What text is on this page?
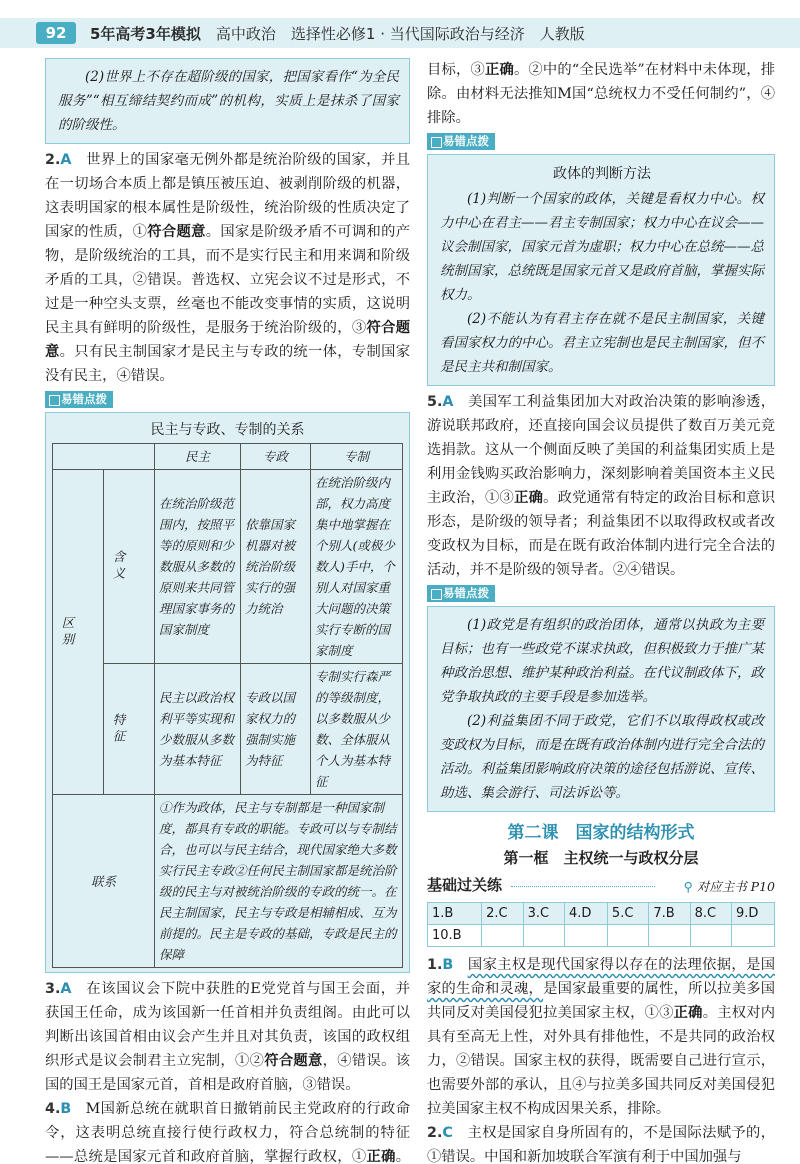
92	5年高考3年模拟　 高中政治　 选择性必修1 · 当代国际政治与经济　 人教版

(2)世界上不存在超阶级的国家，把国家看作“为全民服务”“相互缔结契约而成”的机构，实质上是抹杀了国家的阶级性。

2.A  世界上的国家毫无例外都是统治阶级的国家，并且在一切场合本质上都是镇压被压迫、被剥削阶级的机器，这表明国家的根本属性是阶级性，统治阶级的性质决定了国家的性质，①符合题意。国家是阶级矛盾不可调和的产物，是阶级统治的工具，而不是实行民主和用来调和阶级矛盾的工具，②错误。普选权、立宪会议不过是形式，不过是一种空头支票，丝毫也不能改变事情的实质，这说明民主具有鲜明的阶级性，是服务于统治阶级的，③符合题意。只有民主制国家才是民主与专政的统一体，专制国家没有民主，④错误。

易错点拨
民主与专政、专制的关系
		民主	专政	专制

区别	含义	在统治阶级范围内，按照平等的原则和少数服从多数的原则来共同管理国家事务的国家制度	依靠国家机器对被统治阶级实行的强力统治	在统治阶级内部，权力高度集中地掌握在个别人(或极少数人)手中，个别人对国家重大问题的决策实行专断的国家制度

	特征	民主以政治权利平等实现和少数服从多数为基本特征	专政以国家权力的强制实施为特征	专制实行森严的等级制度，以多数服从少数、全体服从个人为基本特征
联系		①作为政体，民主与专制都是一种国家制度，都具有专政的职能。专政可以与专制结合，也可以与民主结合，现代国家绝大多数实行民主专政②任何民主制国家都是统治阶级的民主与对被统治阶级的专政的统一。在民主制国家，民主与专政是相辅相成、互为前提的。民主是专政的基础，专政是民主的保障		

3.A  在该国议会下院中获胜的E党党首与国王会面，并获国王任命，成为该国新一任首相并负责组阁。由此可以判断出该国首相由议会产生并且对其负责，该国的政权组织形式是议会制君主立宪制，①②符合题意，④错误。该国的国王是国家元首，首相是政府首脑，③错误。

4.B  M国新总统在就职首日撤销前民主党政府的行政命令，这表明总统直接行使行政权力，符合总统制的特征——总统是国家元首和政府首脑，掌握行政权，①正确。

目标，③正确。②中的“全民选举”在材料中未体现，排除。由材料无法推知M国“总统权力不受任何制约”，④排除。

易错点拨
政体的判断方法

(1)判断一个国家的政体，关键是看权力中心。权力中心在君主——君主专制国家；权力中心在议会——议会制国家，国家元首为虚职；权力中心在总统——总统制国家，总统既是国家元首又是政府首脑，掌握实际权力。

(2)不能认为有君主存在就不是民主制国家，关键看国家权力的中心。君主立宪制也是民主制国家，但不是民主共和制国家。

5.A  美国军工利益集团加大对政治决策的影响渗透，游说联邦政府，还直接向国会议员提供了数百万美元竞选捐款。这从一个侧面反映了美国的利益集团实质上是利用金钱购买政治影响力，深刻影响着美国资本主义民主政治，①③正确。政党通常有特定的政治目标和意识形态，是阶级的领导者；利益集团不以取得政权或者改变政权为目标，而是在既有政治体制内进行完全合法的活动，并不是阶级的领导者。②④错误。

易错点拨

(1)政党是有组织的政治团体，通常以执政为主要目标；也有一些政党不谋求执政，但积极致力于推广某种政治思想、维护某种政治利益。在代议制政体下，政党争取执政的主要手段是参加选举。

(2)利益集团不同于政党，它们不以取得政权或改变政权为目标，而是在既有政治体制内进行完全合法的活动。利益集团影响政府决策的途径包括游说、宣传、助选、集会游行、司法诉讼等。

第二课　国家的结构形式
第一框　主权统一与政权分层
基础过关练	⚲ 对应主书 P10
1.B	2.C	3.C	4.D	5.C	7.B	8.C	9.D
10.B							

1.B  国家主权是现代国家得以存在的法理依据，是国家的生命和灵魂，是国家最重要的属性，所以拉美多国共同反对美国侵犯拉美国家主权，①③正确。主权对内具有至高无上性，对外具有排他性，不是共同的政治权力，②错误。国家主权的获得，既需要自己进行宣示，也需要外部的承认，且④与拉美多国共同反对美国侵犯拉美国家主权不构成因果关系，排除。

2.C  主权是国家自身所固有的，不是国际法赋予的，①错误。中国和新加坡联合军演有利于中国加强与
